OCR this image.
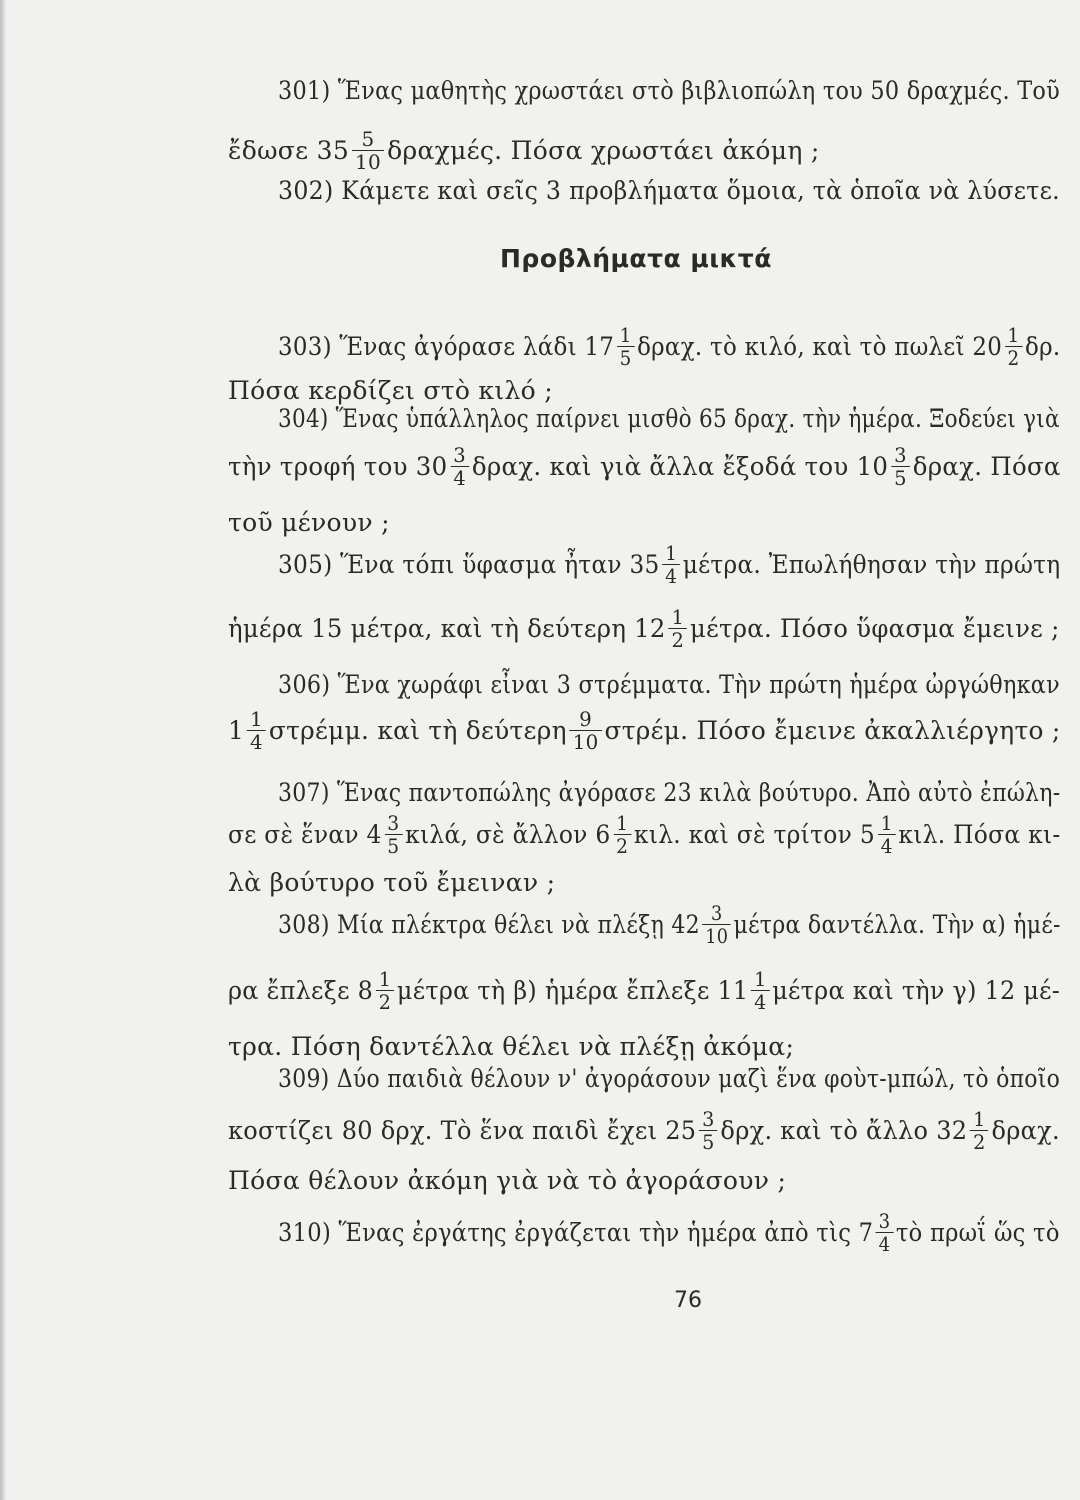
301) Ἕνας μαθητὴς χρωστάει στὸ βιβλιοπώλη του 50 δραχμές. Τοῦ
ἔδωσε $35 \frac{5}{10} \delta\rho\alpha\chi\mu έ\varsigma$. Πόσα χρωστάει ἀκόμη ;
302) Κάμετε καὶ σεῖς 3 προβλήματα ὅμοια, τὰ ὁποῖα νὰ λύσετε.
Προβλήματα μικτά
303) Ἕνας ἀγόρασε λάδι $17 \frac{1}{5} \delta\rho\alpha\chi$. τὸ κιλό, καὶ τὸ πωλεῖ $20 \frac{1}{2} \delta\rho$.
Πόσα κερδίζει στὸ κιλό ;
304) Ἕνας ὑπάλληλος παίρνει μισθὸ 65 δραχ. τὴν ἡμέρα. Ξοδεύει γιὰ
τὴν τροφή του $30 \frac{3}{4} \delta\rho\alpha\chi$. καὶ γιὰ ἄλλα ἔξοδά του $10 \frac{3}{5} \delta\rho\alpha\chi$. Πόσα
τοῦ μένουν ;
305) Ἕνα τόπι ὕφασμα ἦταν $35 \frac{1}{4} \mu έ\tau\rho\alpha$. Ἐπωλήθησαν τὴν πρώτη
ἡμέρα 15 μέτρα, καὶ τὴ δεύτερη $12 \frac{1}{2} \mu έ\tau\rho\alpha$. Πόσο ὕφασμα ἔμεινε ;
306) Ἕνα χωράφι εἶναι 3 στρέμματα. Τὴν πρώτη ἡμέρα ὠργώθηκαν
$1 \frac{1}{4} \sigma\tau\rho έ\mu\mu$. καὶ τὴ δεύτερη $\frac{9}{10} \sigma\tau\rho έ\mu$. Πόσο ἔμεινε ἀκαλλιέργητο ;
307) Ἕνας παντοπώλης ἀγόρασε 23 κιλὰ βούτυρο. Ἀπὸ αὐτὸ ἐπώλη-
σε σὲ ἕναν $4 \frac{3}{5} \kappa\iota\lambda ά$, σὲ ἄλλον $6 \frac{1}{2} \kappa\iota\lambda$. καὶ σὲ τρίτον $5 \frac{1}{4} \kappa\iota\lambda$. Πόσα κι-
λὰ βούτυρο τοῦ ἔμειναν ;
308) Μία πλέκτρα θέλει νὰ πλέξῃ $42 \frac{3}{10}$ μέτρα δαντέλλα. Τὴν α) ἡμέ-
ρα ἔπλεξε $8 \frac{1}{2}$ μέτρα τὴ β) ἡμέρα ἔπλεξε $11 \frac{1}{4}$ μέτρα καὶ τὴν γ) 12 μέ-
τρα. Πόση δαντέλλα θέλει νὰ πλέξῃ ἀκόμα;
309) Δύο παιδιὰ θέλουν ν' ἀγοράσουν μαζὶ ἕνα φοὺτ-μπώλ, τὸ ὁποῖο
κοστίζει 80 δρχ. Τὸ ἕνα παιδὶ ἔχει $25 \frac{3}{5} \delta\rho\chi$. καὶ τὸ ἄλλο $32 \frac{1}{2} \delta\rho\alpha\chi$.
Πόσα θέλουν ἀκόμη γιὰ νὰ τὸ ἀγοράσουν ;
310) Ἕνας ἐργάτης ἐργάζεται τὴν ἡμέρα ἀπὸ τὶς $7 \frac{3}{4}$ τὸ πρωΐ ὥς τὸ
76
